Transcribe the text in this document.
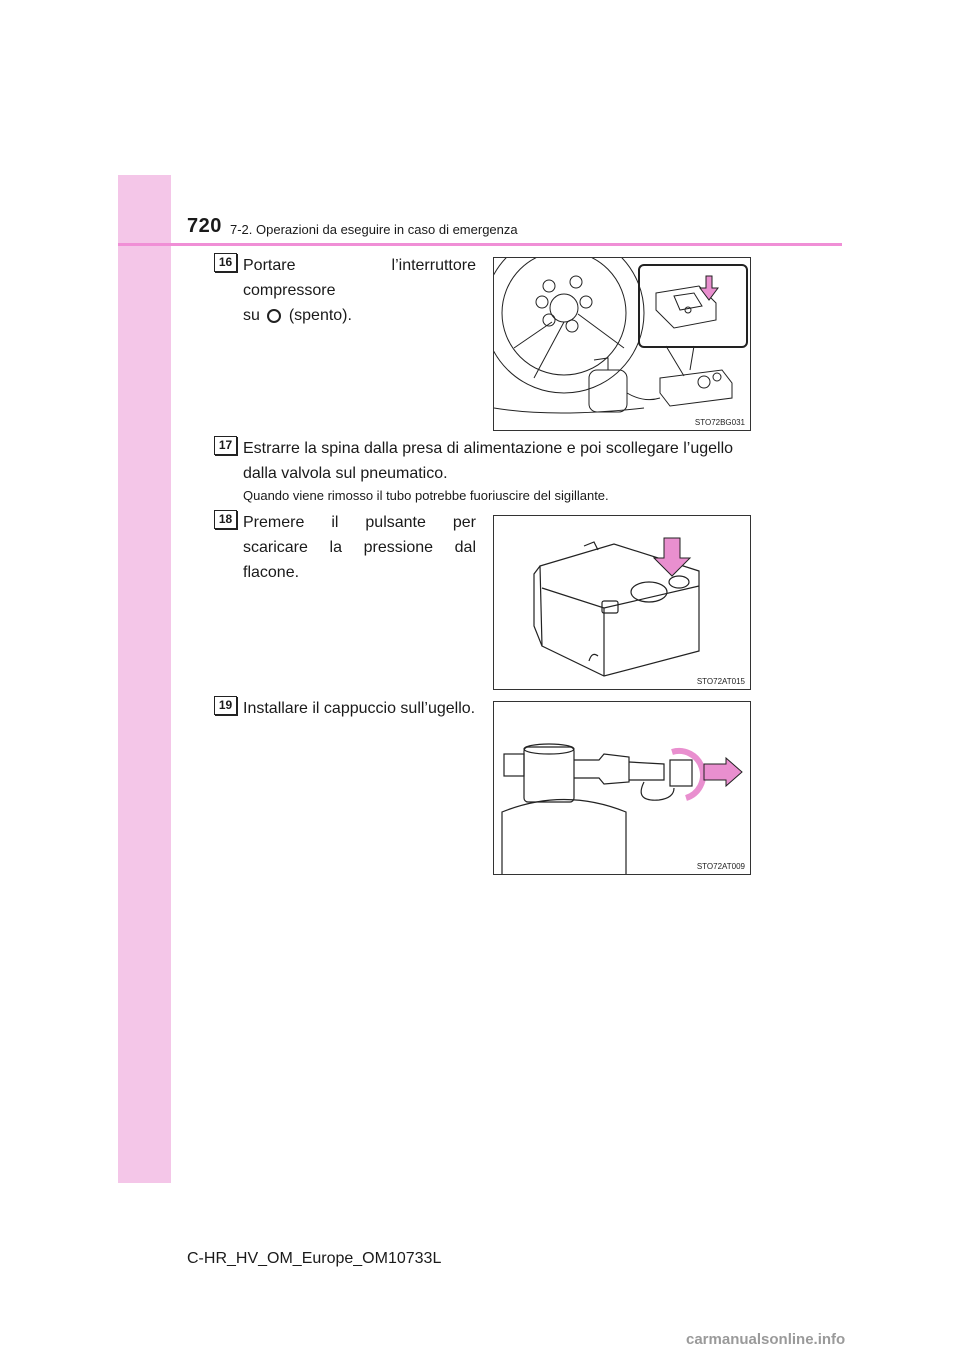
720 7-2. Operazioni da eseguire in caso di emergenza
16 Portare l’interruttore compressore
su (spento).
STO72BG031
17 Estrarre la spina dalla presa di alimentazione e poi scollegare l’ugello dalla valvola sul pneumatico.
Quando viene rimosso il tubo potrebbe fuoriuscire del sigillante.
18 Premere il pulsante per scaricare la pressione dal flacone.
STO72AT015
19 Installare il cappuccio sull’ugello.
STO72AT009
C-HR_HV_OM_Europe_OM10733L
carmanualsonline.info
